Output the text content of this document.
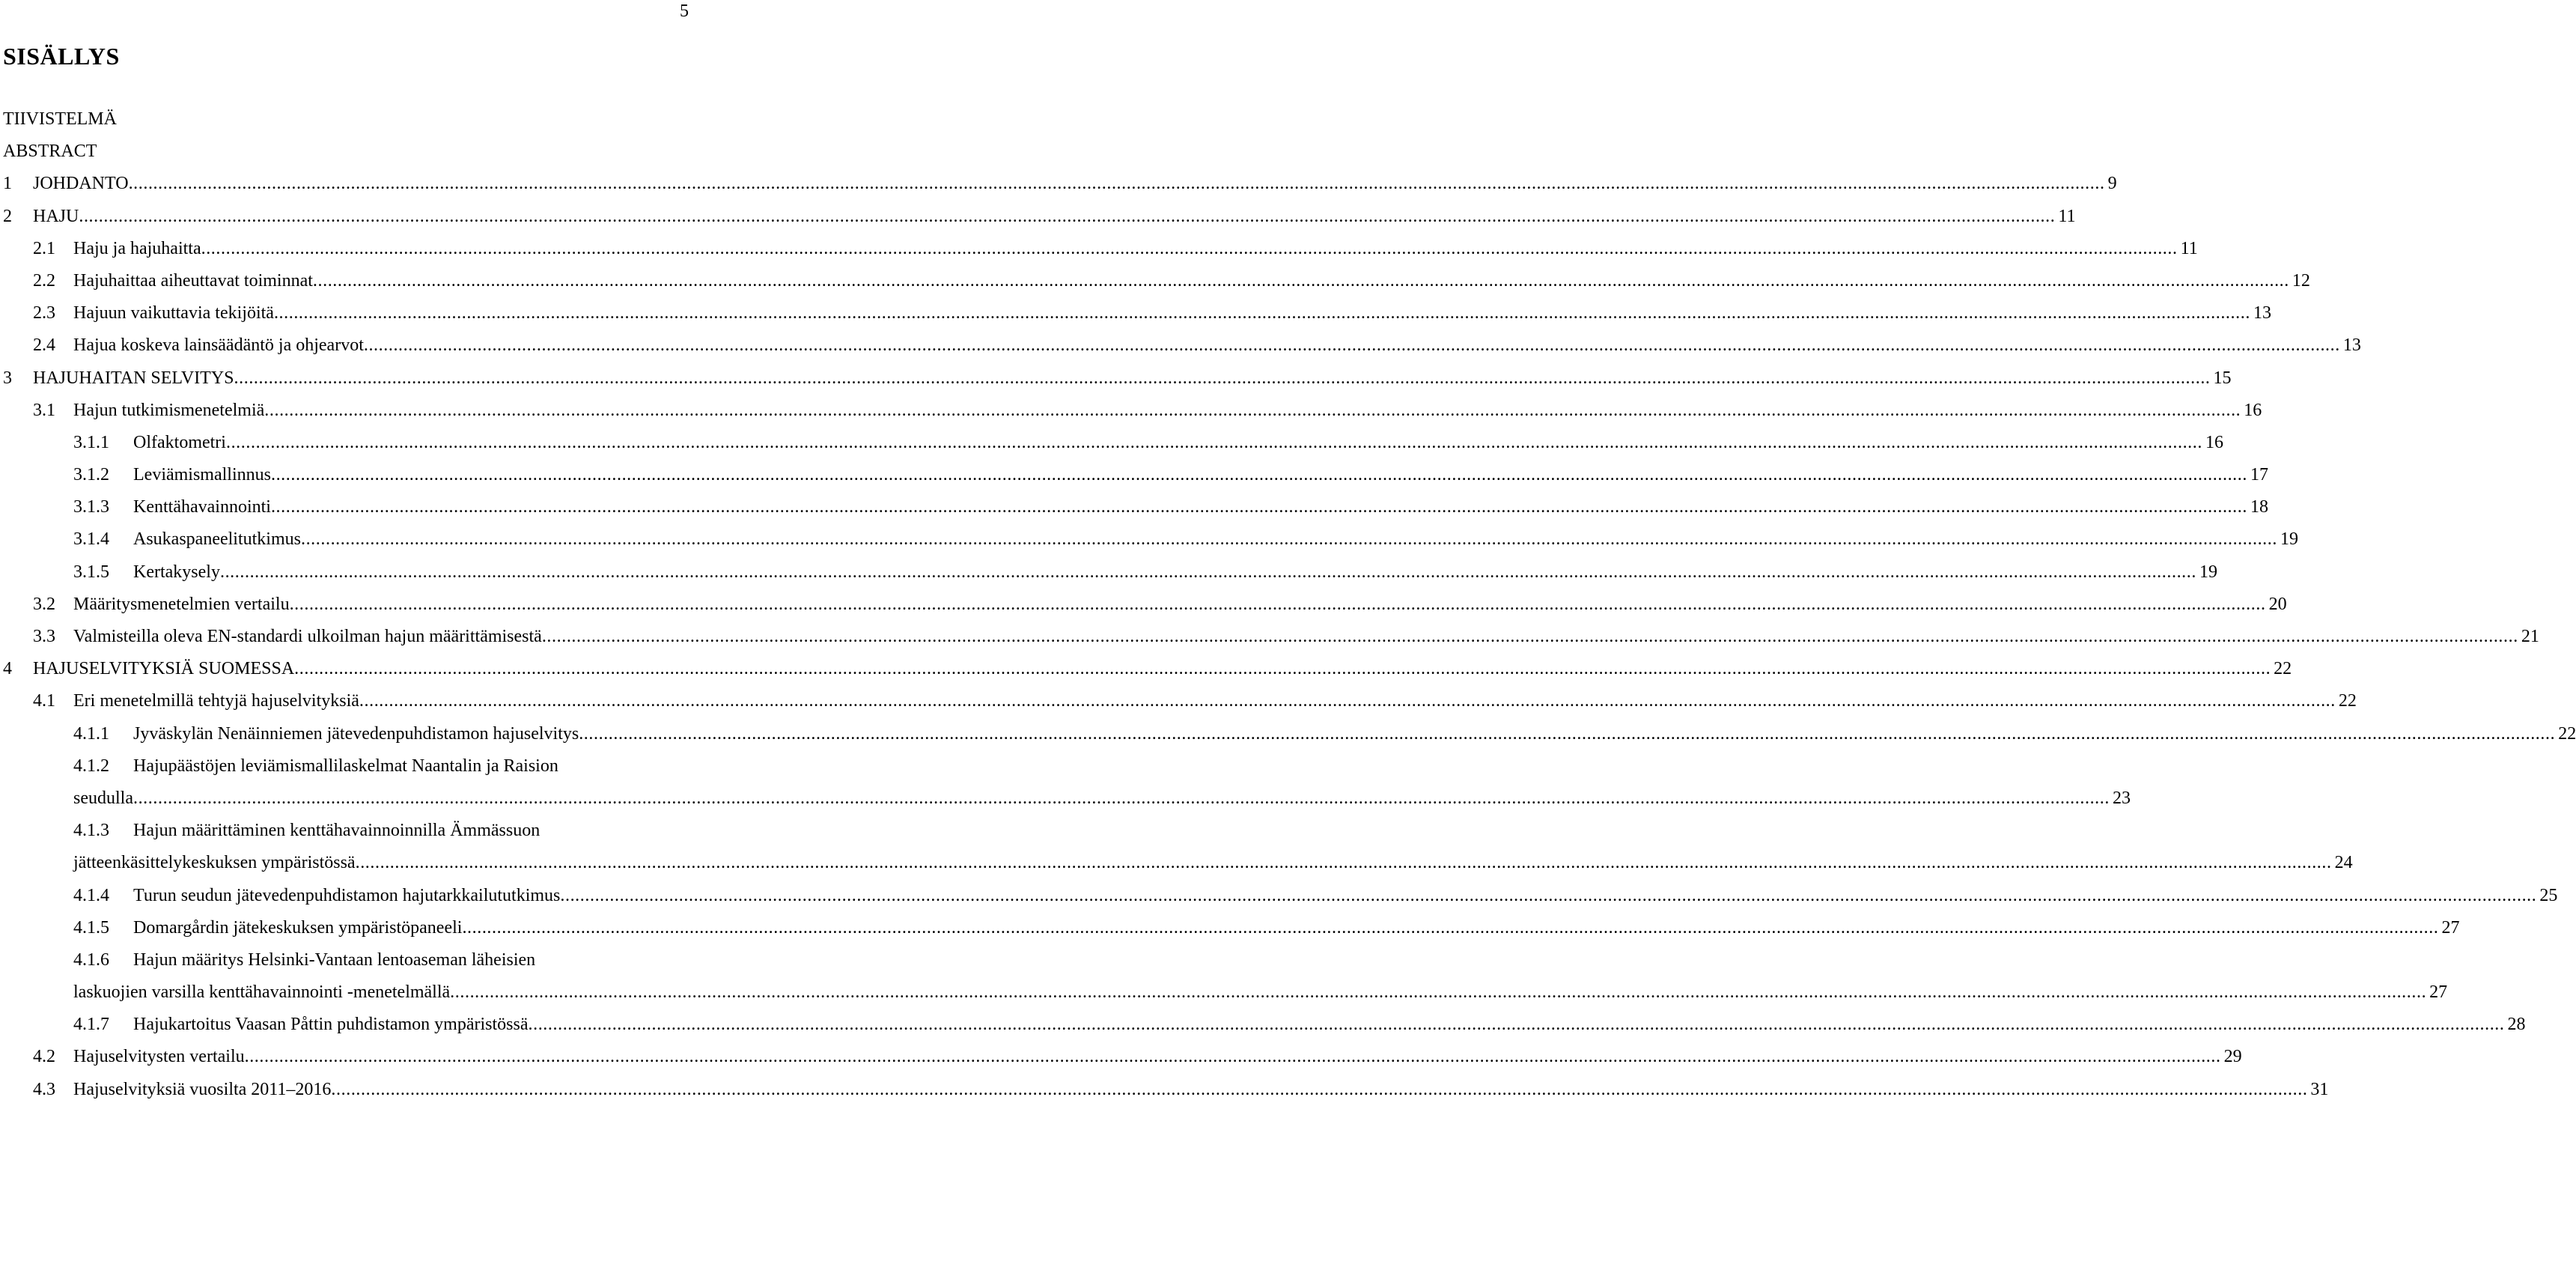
5
SISÄLLYS
TIIVISTELMÄ
ABSTRACT
1 JOHDANTO ................................................................................................................................................................................................................................................................................................................................................................................................................ 9
2 HAJU ................................................................................................................................................................................................................................................................................................................................................................................................................ 11
2.1 Haju ja hajuhaitta ................................................................................................................................................................................................................................................................................................................................................................................................................ 11
2.2 Hajuhaittaa aiheuttavat toiminnat ................................................................................................................................................................................................................................................................................................................................................................................................................ 12
2.3 Hajuun vaikuttavia tekijöitä ................................................................................................................................................................................................................................................................................................................................................................................................................ 13
2.4 Hajua koskeva lainsäädäntö ja ohjearvot ................................................................................................................................................................................................................................................................................................................................................................................................................ 13
3 HAJUHAITAN SELVITYS ................................................................................................................................................................................................................................................................................................................................................................................................................ 15
3.1 Hajun tutkimismenetelmiä ................................................................................................................................................................................................................................................................................................................................................................................................................ 16
3.1.1 Olfaktometri ................................................................................................................................................................................................................................................................................................................................................................................................................ 16
3.1.2 Leviämismallinnus ................................................................................................................................................................................................................................................................................................................................................................................................................ 17
3.1.3 Kenttähavainnointi ................................................................................................................................................................................................................................................................................................................................................................................................................ 18
3.1.4 Asukaspaneelitutkimus ................................................................................................................................................................................................................................................................................................................................................................................................................ 19
3.1.5 Kertakysely ................................................................................................................................................................................................................................................................................................................................................................................................................ 19
3.2 Määritysmenetelmien vertailu ................................................................................................................................................................................................................................................................................................................................................................................................................ 20
3.3 Valmisteilla oleva EN-standardi ulkoilman hajun määrittämisestä ................................................................................................................................................................................................................................................................................................................................................................................................................ 21
4 HAJUSELVITYKSIÄ SUOMESSA ................................................................................................................................................................................................................................................................................................................................................................................................................ 22
4.1 Eri menetelmillä tehtyjä hajuselvityksiä ................................................................................................................................................................................................................................................................................................................................................................................................................ 22
4.1.1 Jyväskylän Nenäinniemen jätevedenpuhdistamon hajuselvitys ................................................................................................................................................................................................................................................................................................................................................................................................................ 22
4.1.2 Hajupäästöjen leviämismallilaskelmat Naantalin ja Raision
seudulla ................................................................................................................................................................................................................................................................................................................................................................................................................ 23
4.1.3 Hajun määrittäminen kenttähavainnoinnilla Ämmässuon
jätteenkäsittelykeskuksen ympäristössä ................................................................................................................................................................................................................................................................................................................................................................................................................ 24
4.1.4 Turun seudun jätevedenpuhdistamon hajutarkkailututkimus ................................................................................................................................................................................................................................................................................................................................................................................................................ 25
4.1.5 Domargårdin jätekeskuksen ympäristöpaneeli ................................................................................................................................................................................................................................................................................................................................................................................................................ 27
4.1.6 Hajun määritys Helsinki-Vantaan lentoaseman läheisien
laskuojien varsilla kenttähavainnointi -menetelmällä ................................................................................................................................................................................................................................................................................................................................................................................................................ 27
4.1.7 Hajukartoitus Vaasan Påttin puhdistamon ympäristössä ................................................................................................................................................................................................................................................................................................................................................................................................................ 28
4.2 Hajuselvitysten vertailu ................................................................................................................................................................................................................................................................................................................................................................................................................ 29
4.3 Hajuselvityksiä vuosilta 2011–2016 ................................................................................................................................................................................................................................................................................................................................................................................................................ 31
